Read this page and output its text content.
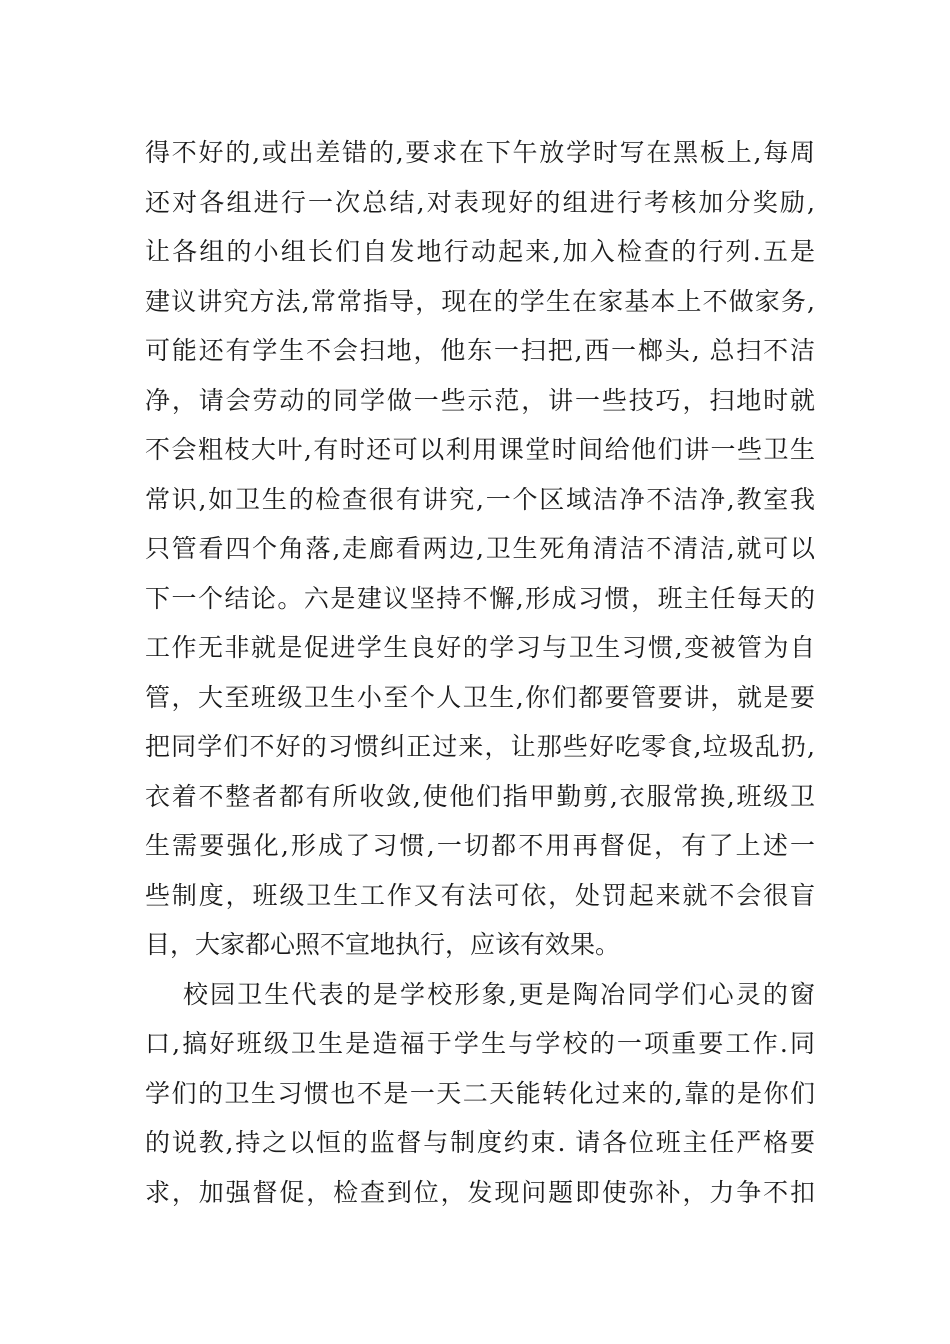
得不好的,或出差错的,要求在下午放学时写在黑板上,每周
还对各组进行一次总结,对表现好的组进行考核加分奖励,
让各组的小组长们自发地行动起来,加入检查的行列.五是
建议讲究方法,常常指导，现在的学生在家基本上不做家务,
可能还有学生不会扫地，他东一扫把,西一榔头, 总扫不洁
净，请会劳动的同学做一些示范，讲一些技巧，扫地时就
不会粗枝大叶,有时还可以利用课堂时间给他们讲一些卫生
常识,如卫生的检查很有讲究,一个区域洁净不洁净,教室我
只管看四个角落,走廊看两边,卫生死角清洁不清洁,就可以
下一个结论。六是建议坚持不懈,形成习惯，班主任每天的
工作无非就是促进学生良好的学习与卫生习惯,变被管为自
管，大至班级卫生小至个人卫生,你们都要管要讲，就是要
把同学们不好的习惯纠正过来，让那些好吃零食,垃圾乱扔,
衣着不整者都有所收敛,使他们指甲勤剪,衣服常换,班级卫
生需要强化,形成了习惯,一切都不用再督促，有了上述一
些制度，班级卫生工作又有法可依，处罚起来就不会很盲
目，大家都心照不宣地执行，应该有效果。
校园卫生代表的是学校形象,更是陶冶同学们心灵的窗
口,搞好班级卫生是造福于学生与学校的一项重要工作.同
学们的卫生习惯也不是一天二天能转化过来的,靠的是你们
的说教,持之以恒的监督与制度约束. 请各位班主任严格要
求，加强督促，检查到位，发现问题即使弥补，力争不扣
